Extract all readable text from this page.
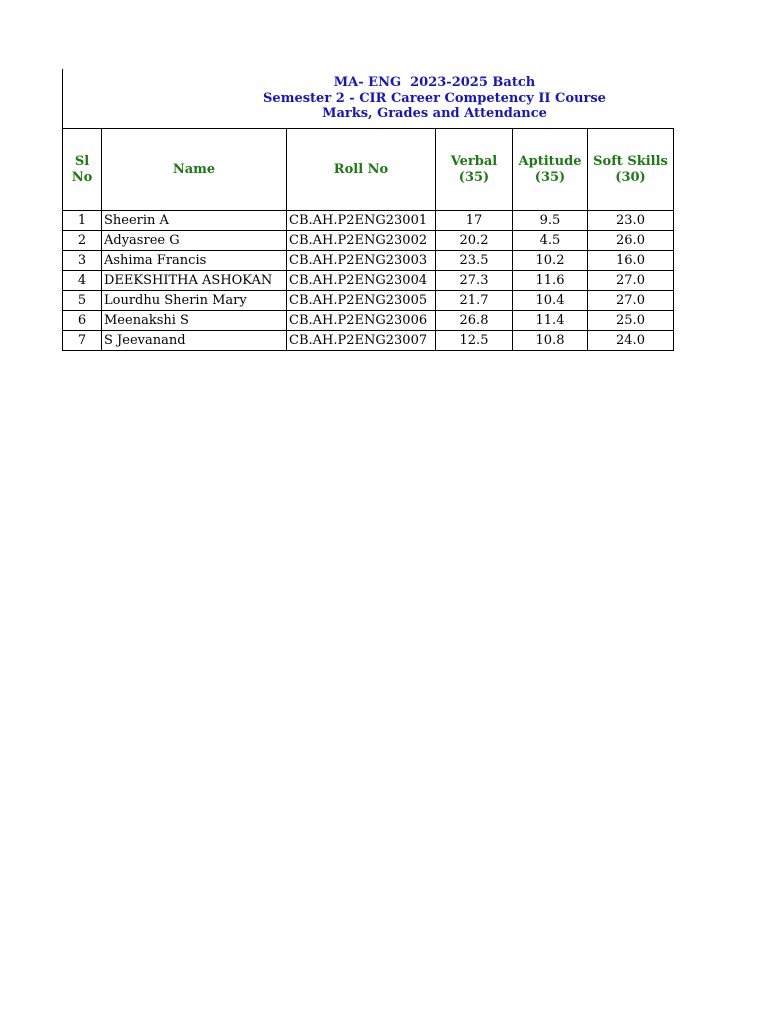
MA- ENG  2023-2025 Batch
Semester 2 - CIR Career Competency II Course
Marks, Grades and Attendance
Sl No	Name	Roll No	Verbal (35)	Aptitude (35)	Soft Skills (30)
1	Sheerin A	CB.AH.P2ENG23001	17	9.5	23.0
2	Adyasree G	CB.AH.P2ENG23002	20.2	4.5	26.0
3	Ashima Francis	CB.AH.P2ENG23003	23.5	10.2	16.0
4	DEEKSHITHA ASHOKAN	CB.AH.P2ENG23004	27.3	11.6	27.0
5	Lourdhu Sherin Mary	CB.AH.P2ENG23005	21.7	10.4	27.0
6	Meenakshi S	CB.AH.P2ENG23006	26.8	11.4	25.0
7	S Jeevanand	CB.AH.P2ENG23007	12.5	10.8	24.0
